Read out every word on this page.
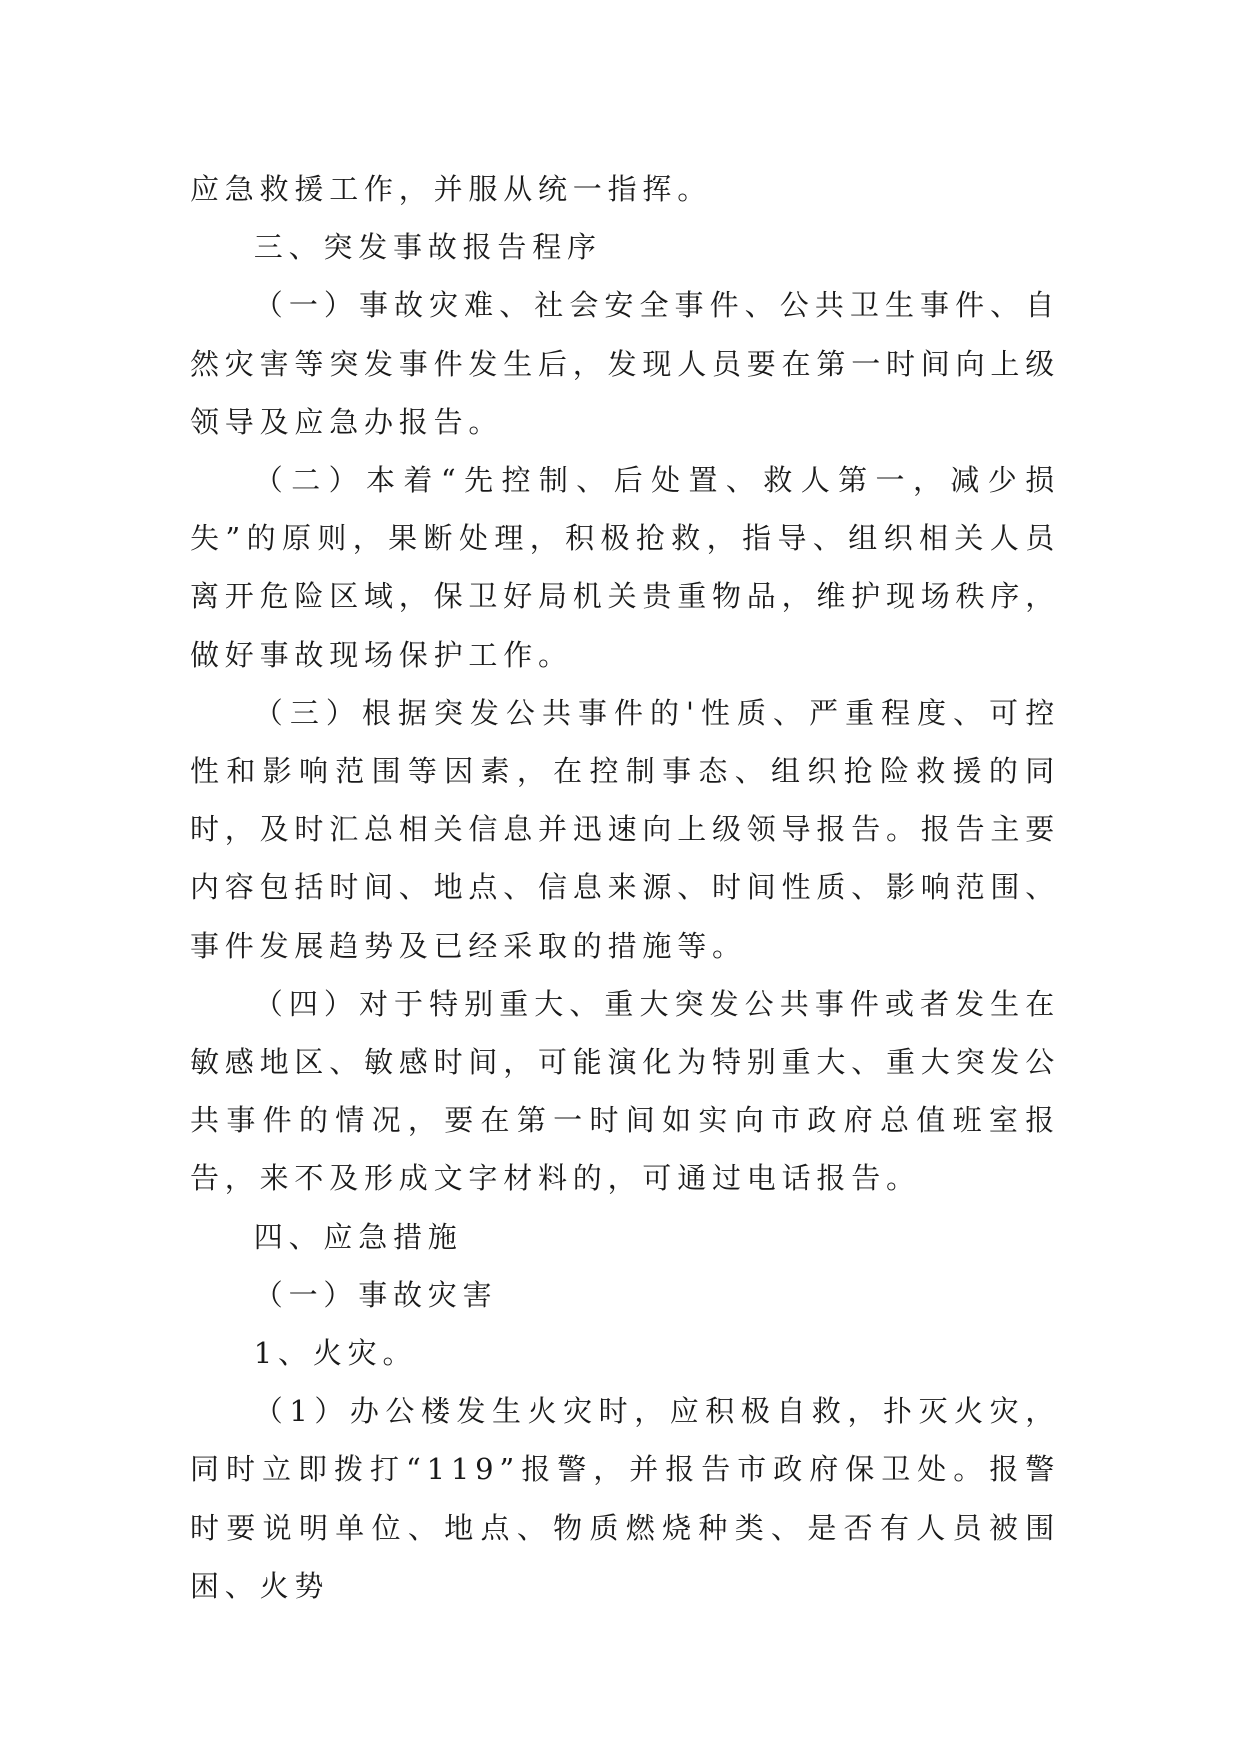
应急救援工作，并服从统一指挥。

三、突发事故报告程序

（一）事故灾难、社会安全事件、公共卫生事件、自然灾害等突发事件发生后，发现人员要在第一时间向上级领导及应急办报告。

（二）本着“先控制、后处置、救人第一，减少损失”的原则，果断处理，积极抢救，指导、组织相关人员离开危险区域，保卫好局机关贵重物品，维护现场秩序，做好事故现场保护工作。

（三）根据突发公共事件的'性质、严重程度、可控性和影响范围等因素，在控制事态、组织抢险救援的同时，及时汇总相关信息并迅速向上级领导报告。报告主要内容包括时间、地点、信息来源、时间性质、影响范围、事件发展趋势及已经采取的措施等。

（四）对于特别重大、重大突发公共事件或者发生在敏感地区、敏感时间，可能演化为特别重大、重大突发公共事件的情况，要在第一时间如实向市政府总值班室报告，来不及形成文字材料的，可通过电话报告。

四、应急措施

（一）事故灾害

1、火灾。

（1）办公楼发生火灾时，应积极自救，扑灭火灾，同时立即拨打“119”报警，并报告市政府保卫处。报警时要说明单位、地点、物质燃烧种类、是否有人员被围困、火势
